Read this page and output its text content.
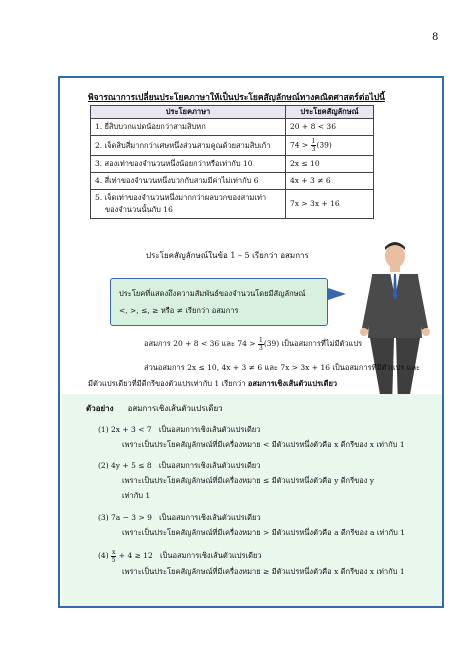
8
พิจารณาการเปลี่ยนประโยคภาษาให้เป็นประโยคสัญลักษณ์ทางคณิตศาสตร์ต่อไปนี้
ประโยคภาษา	ประโยคสัญลักษณ์
1. ยี่สิบบวกแปดน้อยกว่าสามสิบหก	20 + 8 < 36
2. เจ็ดสิบสี่มากกว่าเศษหนึ่งส่วนสามคูณด้วยสามสิบเก้า	$74 > \frac{1}{3} (39)$
3. สองเท่าของจำนวนหนึ่งน้อยกว่าหรือเท่ากับ 10	2x ≤ 10
4. สี่เท่าของจำนวนหนึ่งบวกกับสามมีค่าไม่เท่ากับ 6	4x + 3 ≠ 6
5. เจ็ดเท่าของจำนวนหนึ่งมากกว่าผลบวกของสามเท่า
ของจำนวนนั้นกับ 16	7x > 3x + 16
ประโยคสัญลักษณ์ในข้อ 1 – 5 เรียกว่า อสมการ
ประโยคที่แสดงถึงความสัมพันธ์ของจำนวนโดยมีสัญลักษณ์
<, >, ≤, ≥ หรือ ≠ เรียกว่า อสมการ
อสมการ 20 + 8 < 36 และ $74 > \frac{1}{3} (39)$ เป็นอสมการที่ไม่มีตัวแปร
ส่วนอสมการ 2x ≤ 10, 4x + 3 ≠ 6 และ 7x > 3x + 16 เป็นอสมการที่มีตัวแปร และ
มีตัวแปรเดียวที่มีดีกรีของตัวแปรเท่ากับ 1 เรียกว่า อสมการเชิงเส้นตัวแปรเดียว
ตัวอย่าง อสมการเชิงเส้นตัวแปรเดียว
(1) 2x + 3 < 7 เป็นอสมการเชิงเส้นตัวแปรเดียว
เพราะเป็นประโยคสัญลักษณ์ที่มีเครื่องหมาย < มีตัวแปรหนึ่งตัวคือ x ดีกรีของ x เท่ากับ 1
(2) 4y + 5 ≤ 8 เป็นอสมการเชิงเส้นตัวแปรเดียว
เพราะเป็นประโยคสัญลักษณ์ที่มีเครื่องหมาย ≤ มีตัวแปรหนึ่งตัวคือ y ดีกรีของ y
เท่ากับ 1
(3) 7a − 3 > 9 เป็นอสมการเชิงเส้นตัวแปรเดียว
เพราะเป็นประโยคสัญลักษณ์ที่มีเครื่องหมาย > มีตัวแปรหนึ่งตัวคือ a ดีกรีของ a เท่ากับ 1
$(4) \frac{x}{5} + 4 \ge 12$ เป็นอสมการเชิงเส้นตัวแปรเดียว
เพราะเป็นประโยคสัญลักษณ์ที่มีเครื่องหมาย ≥ มีตัวแปรหนึ่งตัวคือ x ดีกรีของ x เท่ากับ 1
